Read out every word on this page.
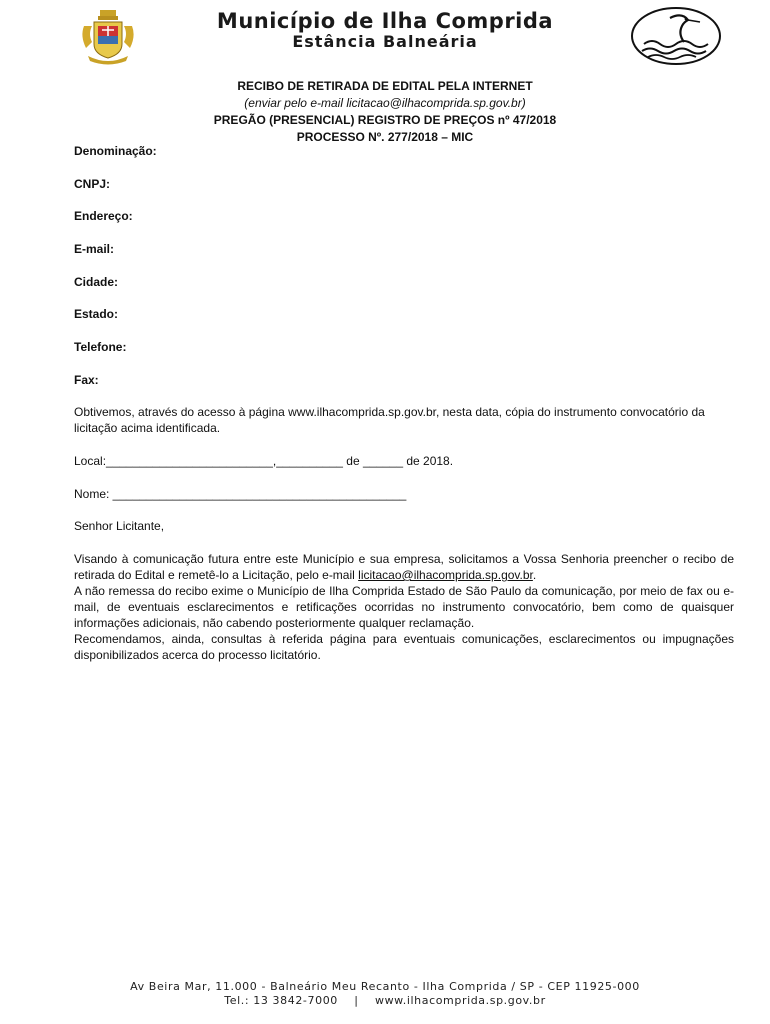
Município de Ilha Comprida
Estância Balneária
RECIBO DE RETIRADA DE EDITAL PELA INTERNET
(enviar pelo e-mail licitacao@ilhacomprida.sp.gov.br)
PREGÃO (PRESENCIAL) REGISTRO DE PREÇOS nº 47/2018
PROCESSO Nº. 277/2018 – MIC
Denominação:
CNPJ:
Endereço:
E-mail:
Cidade:
Estado:
Telefone:
Fax:
Obtivemos, através do acesso à página www.ilhacomprida.sp.gov.br, nesta data, cópia do instrumento convocatório da licitação acima identificada.
Local:_________________________,__________ de ______ de 2018.
Nome: ____________________________________________
Senhor Licitante,
Visando à comunicação futura entre este Município e sua empresa, solicitamos a Vossa Senhoria preencher o recibo de retirada do Edital e remetê-lo a Licitação, pelo e-mail licitacao@ilhacomprida.sp.gov.br.
A não remessa do recibo exime o Município de Ilha Comprida Estado de São Paulo da comunicação, por meio de fax ou e-mail, de eventuais esclarecimentos e retificações ocorridas no instrumento convocatório, bem como de quaisquer informações adicionais, não cabendo posteriormente qualquer reclamação.
Recomendamos, ainda, consultas à referida página para eventuais comunicações, esclarecimentos ou impugnações disponibilizados acerca do processo licitatório.
Av Beira Mar, 11.000 - Balneário Meu Recanto - Ilha Comprida / SP - CEP 11925-000
Tel.: 13 3842-7000    |    www.ilhacomprida.sp.gov.br
